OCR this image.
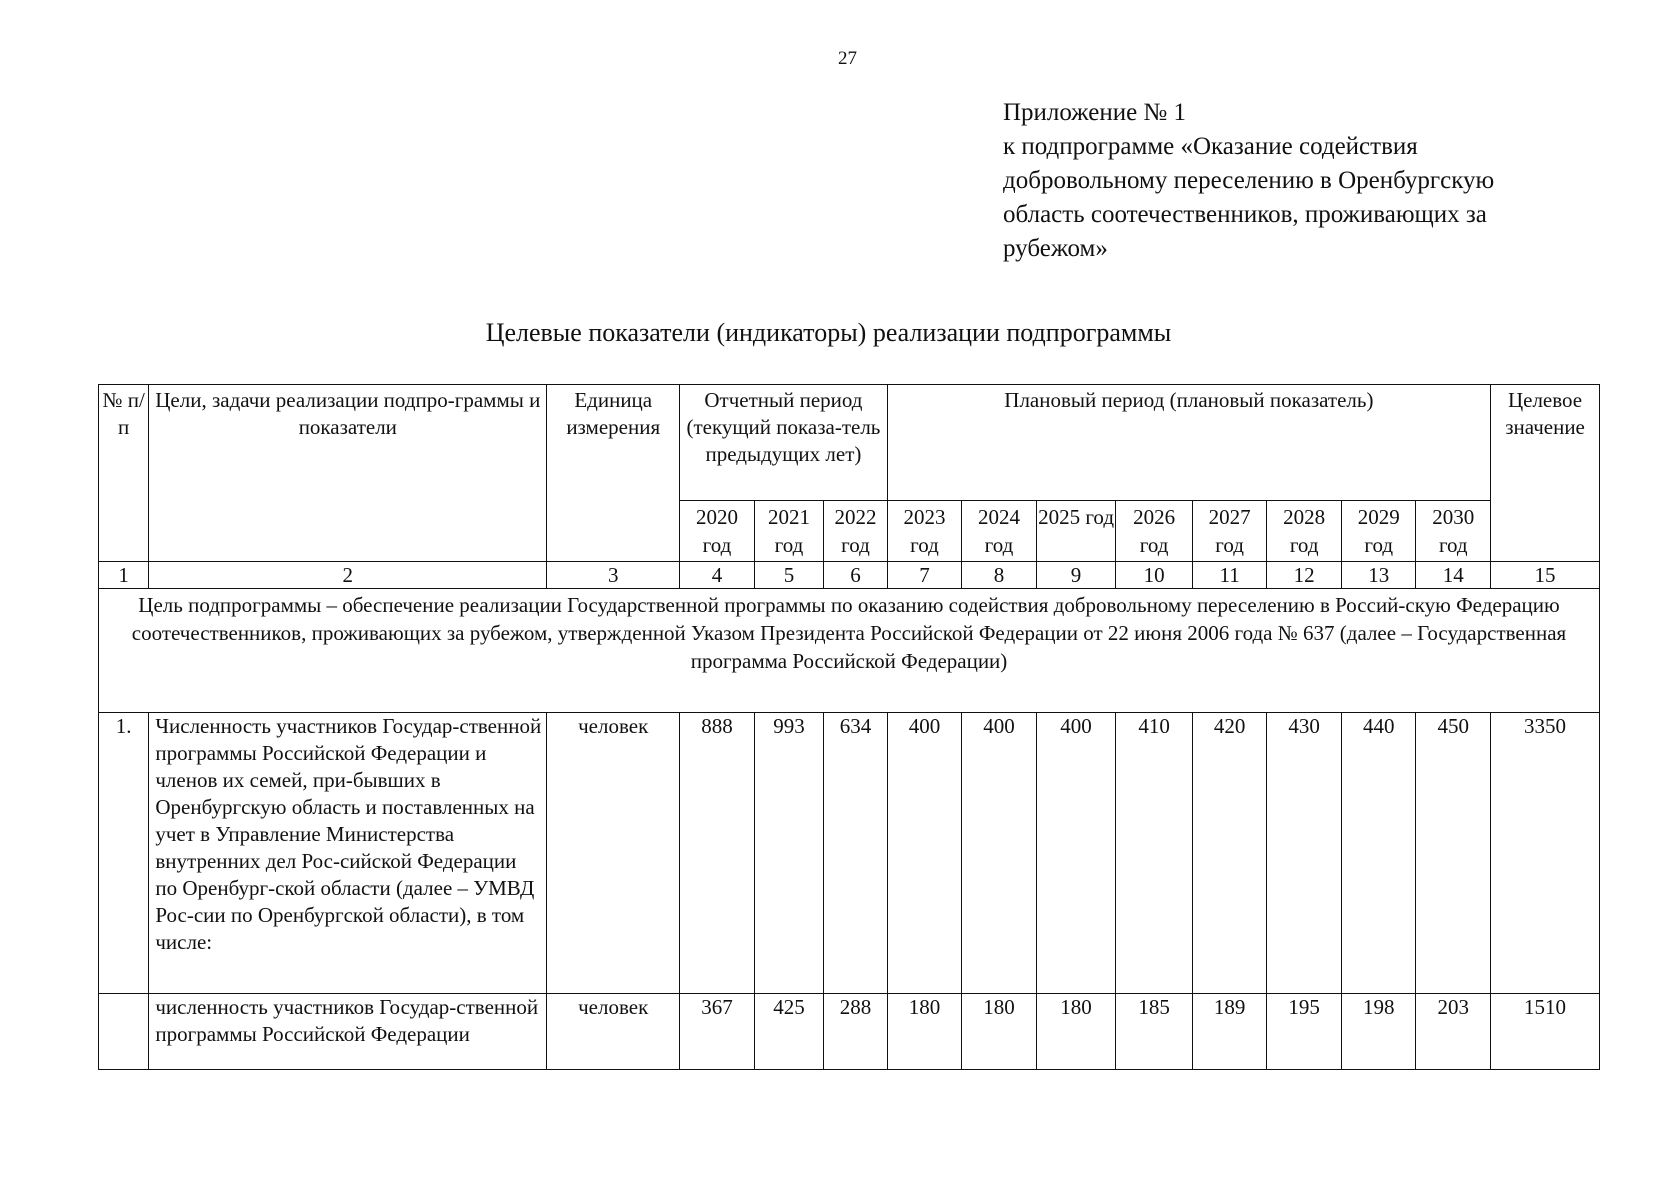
27
Приложение № 1
к подпрограмме «Оказание содействия
добровольному переселению в Оренбургскую
область соотечественников, проживающих за
рубежом»
Целевые показатели (индикаторы) реализации подпрограммы
№ п/п	Цели, задачи реализации подпро-граммы и показатели	Единица измерения	Отчетный период (текущий показа-тель предыдущих лет)			Плановый период (плановый показатель)								Целевое значение
			2020 год	2021 год	2022 год	2023 год	2024 год	2025 год	2026 год	2027 год	2028 год	2029 год	2030 год	
1	2	3	4	5	6	7	8	9	10	11	12	13	14	15
Цель подпрограммы – обеспечение реализации Государственной программы по оказанию содействия добровольному переселению в Россий-скую Федерацию соотечественников, проживающих за рубежом, утвержденной Указом Президента Российской Федерации от 22 июня 2006 года № 637 (далее – Государственная программа Российской Федерации)														
1.	Численность участников Государ-ственной программы Российской Федерации и членов их семей, при-бывших в Оренбургскую область и поставленных на учет в Управление Министерства внутренних дел Рос-сийской Федерации по Оренбург-ской области (далее – УМВД Рос-сии по Оренбургской области), в том числе:	человек	888	993	634	400	400	400	410	420	430	440	450	3350
	численность участников Государ-ственной программы Российской Федерации	человек	367	425	288	180	180	180	185	189	195	198	203	1510
